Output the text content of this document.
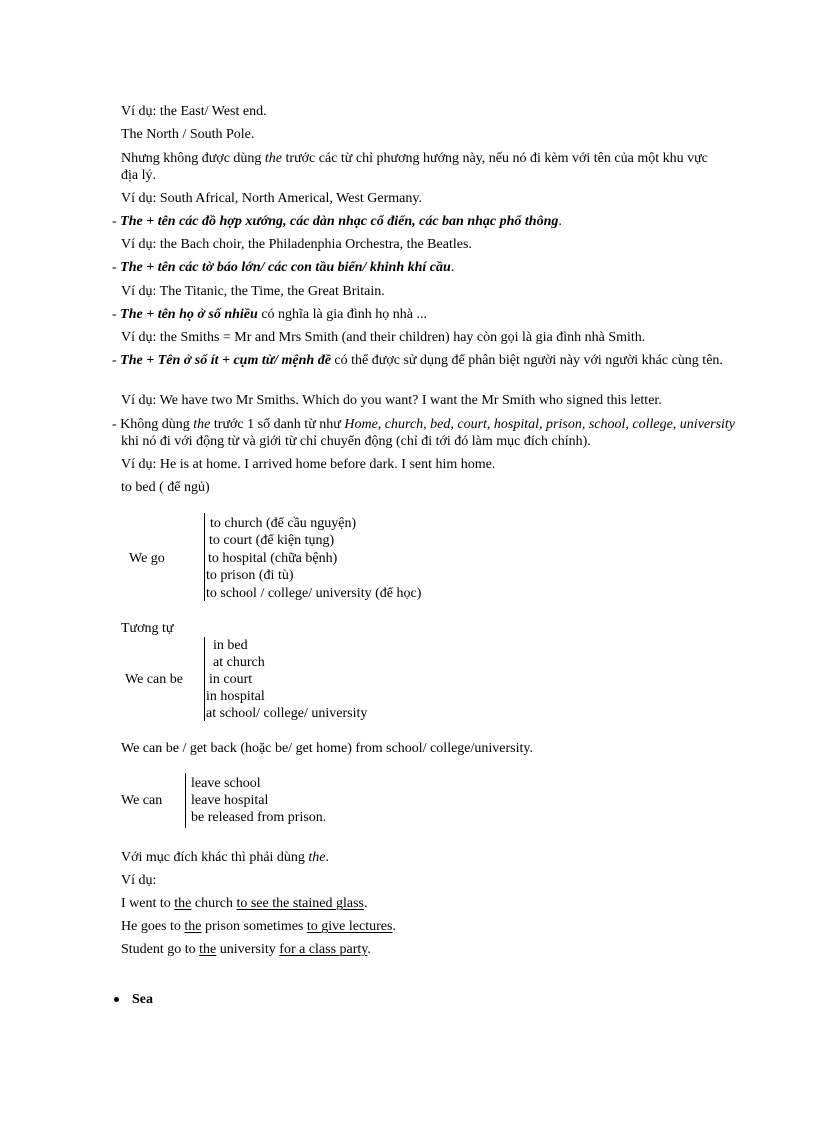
Ví dụ: the East/ West end.
The North / South Pole.
Nhưng không được dùng the trước các từ chỉ phương hướng này, nếu nó đi kèm với tên của một khu vực địa lý.
Ví dụ: South Africal, North Americal, West Germany.
- The + tên các đồ hợp xướng, các dàn nhạc cổ điển, các ban nhạc phổ thông.
Ví dụ: the Bach choir, the Philadenphia Orchestra, the Beatles.
- The + tên các tờ báo lớn/ các con tầu biển/ khinh khí cầu.
Ví dụ: The Titanic, the Time, the Great Britain.
- The + tên họ ở số nhiều có nghĩa là gia đình họ nhà ...
Ví dụ: the Smiths = Mr and Mrs Smith (and their children) hay còn gọi là gia đình nhà Smith.
- The + Tên ở số ít + cụm từ/ mệnh đề có thể được sử dụng để phân biệt người này với người khác cùng tên.
Ví dụ: We have two Mr Smiths. Which do you want? I want the Mr Smith who signed this letter.
- Không dùng the trước 1 số danh từ như Home, church, bed, court, hospital, prison, school, college, university khi nó đi với động từ và giới từ chỉ chuyển động (chỉ đi tới đó làm mục đích chính).
Ví dụ: He is at home. I arrived home before dark. I sent him home.
to bed ( để ngủ)
We go
to church (để cầu nguyện)
to court (để kiện tụng)
to hospital (chữa bệnh)
to prison (đi tù)
to school / college/ university (để học)
Tương tự
We can be
in bed
at church
in court
in hospital
at school/ college/ university
We can be / get back (hoặc be/ get home) from school/ college/university.
We can
leave school
leave hospital
be released from prison.
Với mục đích khác thì phải dùng the.
Ví dụ:
I went to the church to see the stained glass.
He goes to the prison sometimes to give lectures.
Student go to the university for a class party.
Sea
